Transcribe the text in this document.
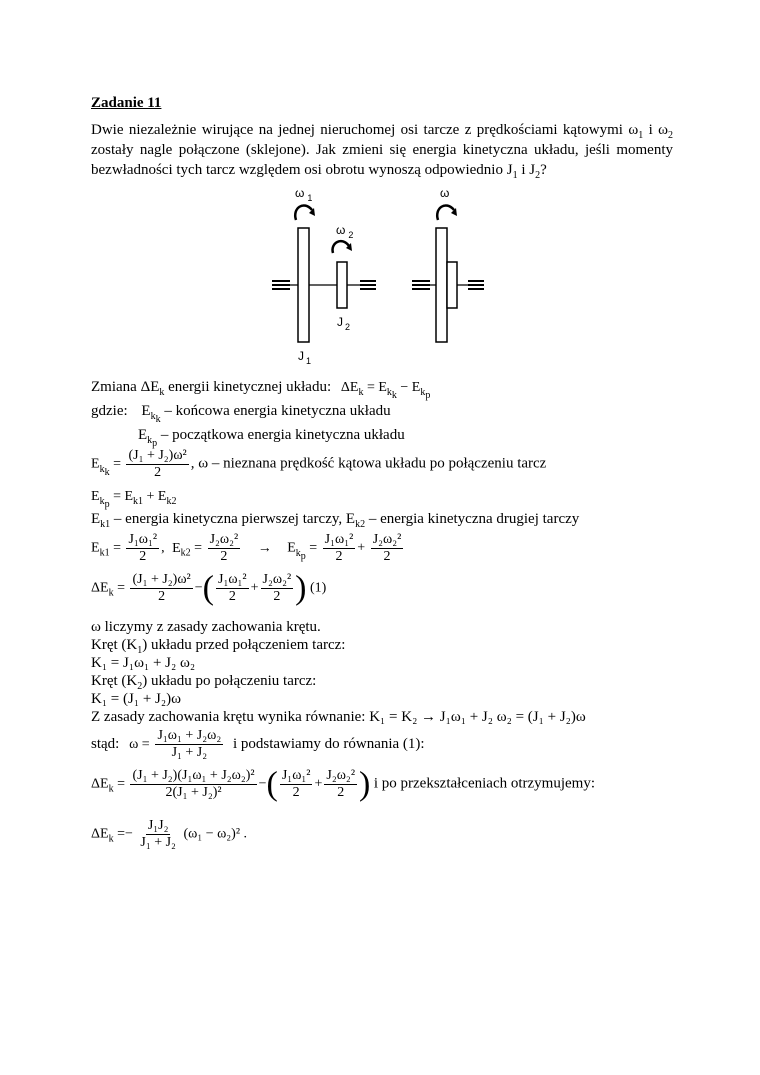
Zadanie 11
Dwie niezależnie wirujące na jednej nieruchomej osi tarcze z prędkościami kątowymi $\omega_1$ i $\omega_2$ zostały nagle połączone (sklejone). Jak zmieni się energia kinetyczna układu, jeśli momenty bezwładności tych tarcz względem osi obrotu wynoszą odpowiednio $J_1$ i $J_2$?
ω $_1$
ω $_2$
J $_2$
J $_1$
ω
Zmiana $\Delta E_k$ energii kinetycznej układu: $\Delta E_k = E_{k_k} - E_{k_p}$
gdzie: $E_{k_k}$ – końcowa energia kinetyczna układu
$E_{k_p}$ – początkowa energia kinetyczna układu
$E_{k_k} = \frac{\text{(J₁ + J₂)ω²}}{2}$ , ω – nieznana prędkość kątowa układu po połączeniu tarcz
$E_{k_p} = E_{k1} + E_{k2}$
$E_{k1}$ – energia kinetyczna pierwszej tarczy, $E_{k2}$ – energia kinetyczna drugiej tarczy
$E_{k1} = \frac{\text{J₁ω₁²}}{2}$ , $E_{k2} = \frac{\text{J₂ω₂²}}{2} \to E_{k_p} = \frac{\text{J₁ω₁²}}{2} + \frac{\text{J₂ω₂²}}{2}$
$\Delta E_k = \frac{\text{(J₁ + J₂)ω²}}{2}$ −( $\frac{\text{J₁ω₁²}}{2} + \frac{\text{J₂ω₂²}}{2}$ ) (1)
ω liczymy z zasady zachowania krętu.
Kręt $(K_1)$ układu przed połączeniem tarcz:
K₁ = J₁ω₁ + J₂ ω₂
Kręt $(K_2)$ układu po połączeniu tarcz:
K₁ = (J₁ + J₂)ω
Z zasady zachowania krętu wynika równanie: K₁ = K₂ → J₁ω₁ + J₂ ω₂ = (J₁ + J₂)ω
stąd: $\omega = \frac{\text{J₁ω₁ + J₂ω₂}}{\text{J₁ + J₂}}$ i podstawiamy do równania (1):
$\Delta E_k = \frac{\text{(J₁ + J₂)(J₁ω₁ + J₂ω₂)²}}{\text{2(J₁ + J₂)²}}$ −( $\frac{\text{J₁ω₁²}}{2} + \frac{\text{J₂ω₂²}}{2}$ ) i po przekształceniach otrzymujemy:
$\Delta E_k =- \frac{\text{J₁J₂}}{\text{J₁ + J₂}} (\omega_1 - \omega_2)^2$ .
